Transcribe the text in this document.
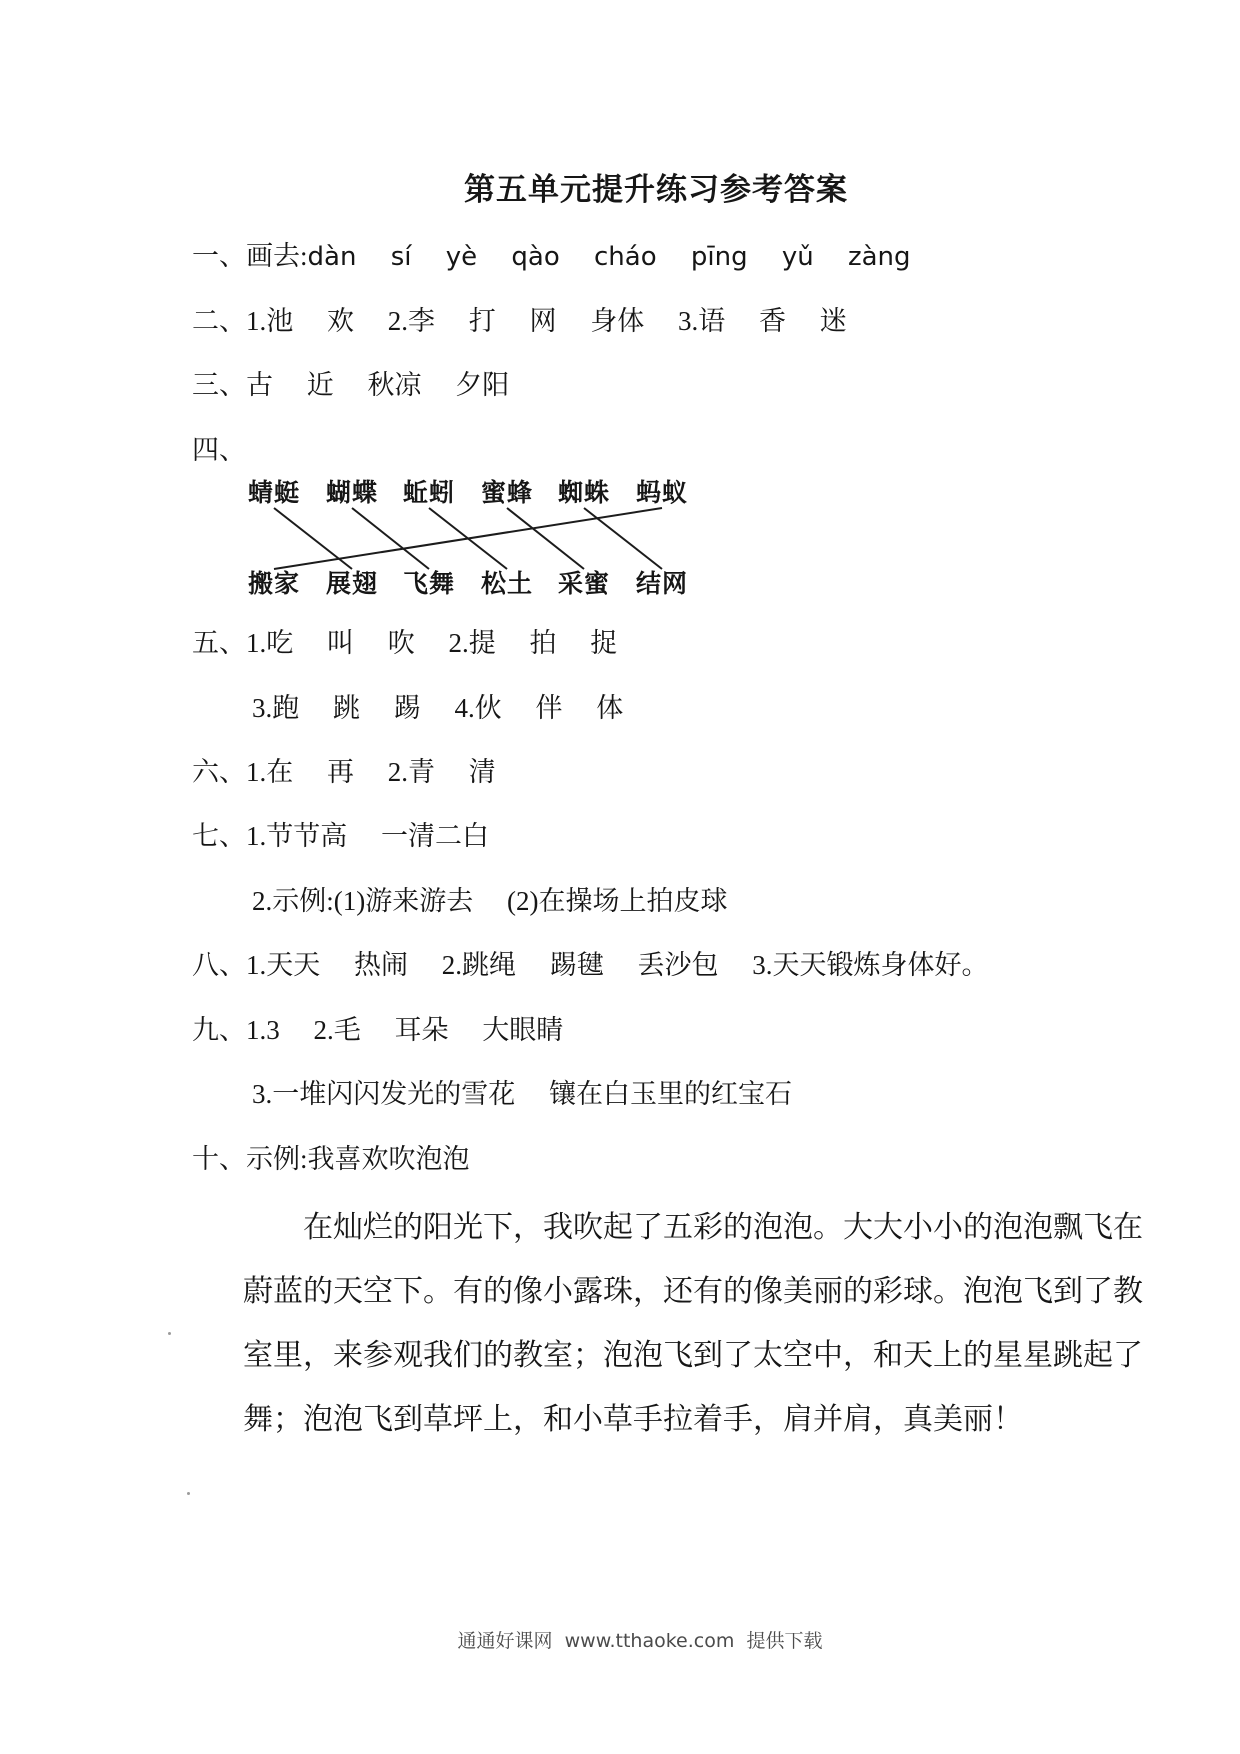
第五单元提升练习参考答案
一、画去:dàn　 sí　 yè　 qào　 cháo　 pīng　 yǔ　 zàng
二、1.池　 欢　 2.李　 打　 网　 身体　 3.语　 香　 迷
三、古　 近　 秋凉　 夕阳
四、
蜻蜓 蝴蝶 蚯蚓 蜜蜂 蜘蛛 蚂蚁
搬家 展翅 飞舞 松土 采蜜 结网
五、1.吃　 叫　 吹　 2.提　 拍　 捉
3.跑　 跳　 踢　 4.伙　 伴　 体
六、1.在　 再　 2.青　 清
七、1.节节高　 一清二白
2.示例:(1)游来游去　 (2)在操场上拍皮球
八、1.天天　 热闹　 2.跳绳　 踢毽　 丢沙包　 3.天天锻炼身体好。
九、1.3　 2.毛　 耳朵　 大眼睛
3.一堆闪闪发光的雪花　 镶在白玉里的红宝石
十、示例:我喜欢吹泡泡
在灿烂的阳光下，我吹起了五彩的泡泡。大大小小的泡泡飘飞在
蔚蓝的天空下。有的像小露珠，还有的像美丽的彩球。泡泡飞到了教
室里，来参观我们的教室；泡泡飞到了太空中，和天上的星星跳起了
舞；泡泡飞到草坪上，和小草手拉着手，肩并肩，真美丽！
通通好课网  www.tthaoke.com  提供下载
